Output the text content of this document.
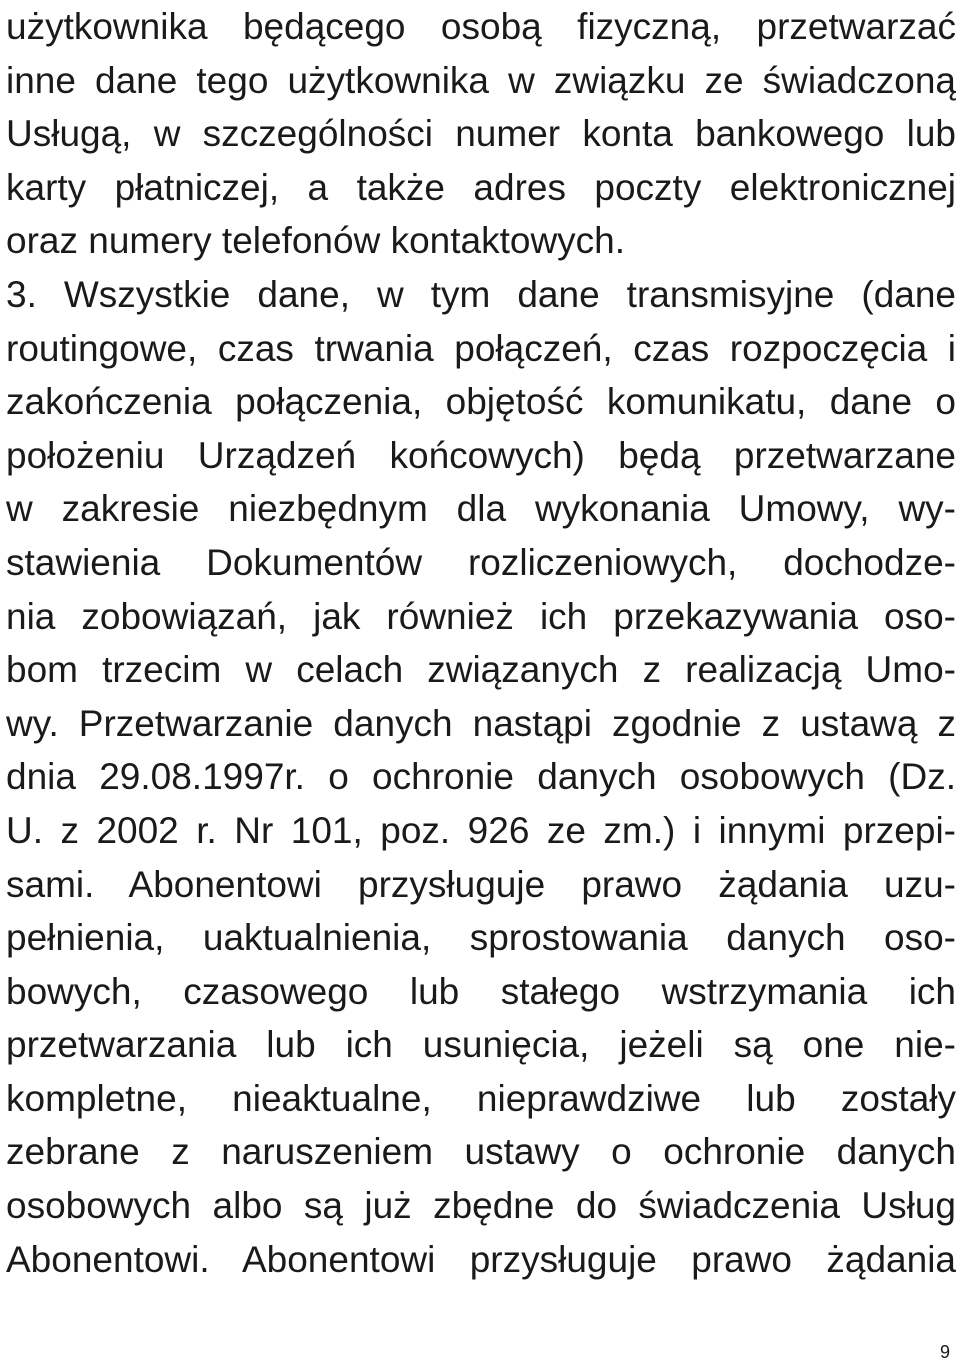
użytkownika będącego osobą fizyczną, przetwarzać
inne dane tego użytkownika w związku ze świadczoną
Usługą, w szczególności numer konta bankowego lub
karty płatniczej, a także adres poczty elektronicznej
oraz numery telefonów kontaktowych.
3. Wszystkie dane, w tym dane transmisyjne (dane
routingowe, czas trwania połączeń, czas rozpoczęcia i
zakończenia połączenia, objętość komunikatu, dane o
położeniu Urządzeń końcowych) będą przetwarzane
w zakresie niezbędnym dla wykonania Umowy, wy-
stawienia Dokumentów rozliczeniowych, dochodze-
nia zobowiązań, jak również ich przekazywania oso-
bom trzecim w celach związanych z realizacją Umo-
wy. Przetwarzanie danych nastąpi zgodnie z ustawą z
dnia 29.08.1997r. o ochronie danych osobowych (Dz.
U. z 2002 r. Nr 101, poz. 926 ze zm.) i innymi przepi-
sami. Abonentowi przysługuje prawo żądania uzu-
pełnienia, uaktualnienia, sprostowania danych oso-
bowych, czasowego lub stałego wstrzymania ich
przetwarzania lub ich usunięcia, jeżeli są one nie-
kompletne, nieaktualne, nieprawdziwe lub zostały
zebrane z naruszeniem ustawy o ochronie danych
osobowych albo są już zbędne do świadczenia Usług
Abonentowi. Abonentowi przysługuje prawo żądania
9
